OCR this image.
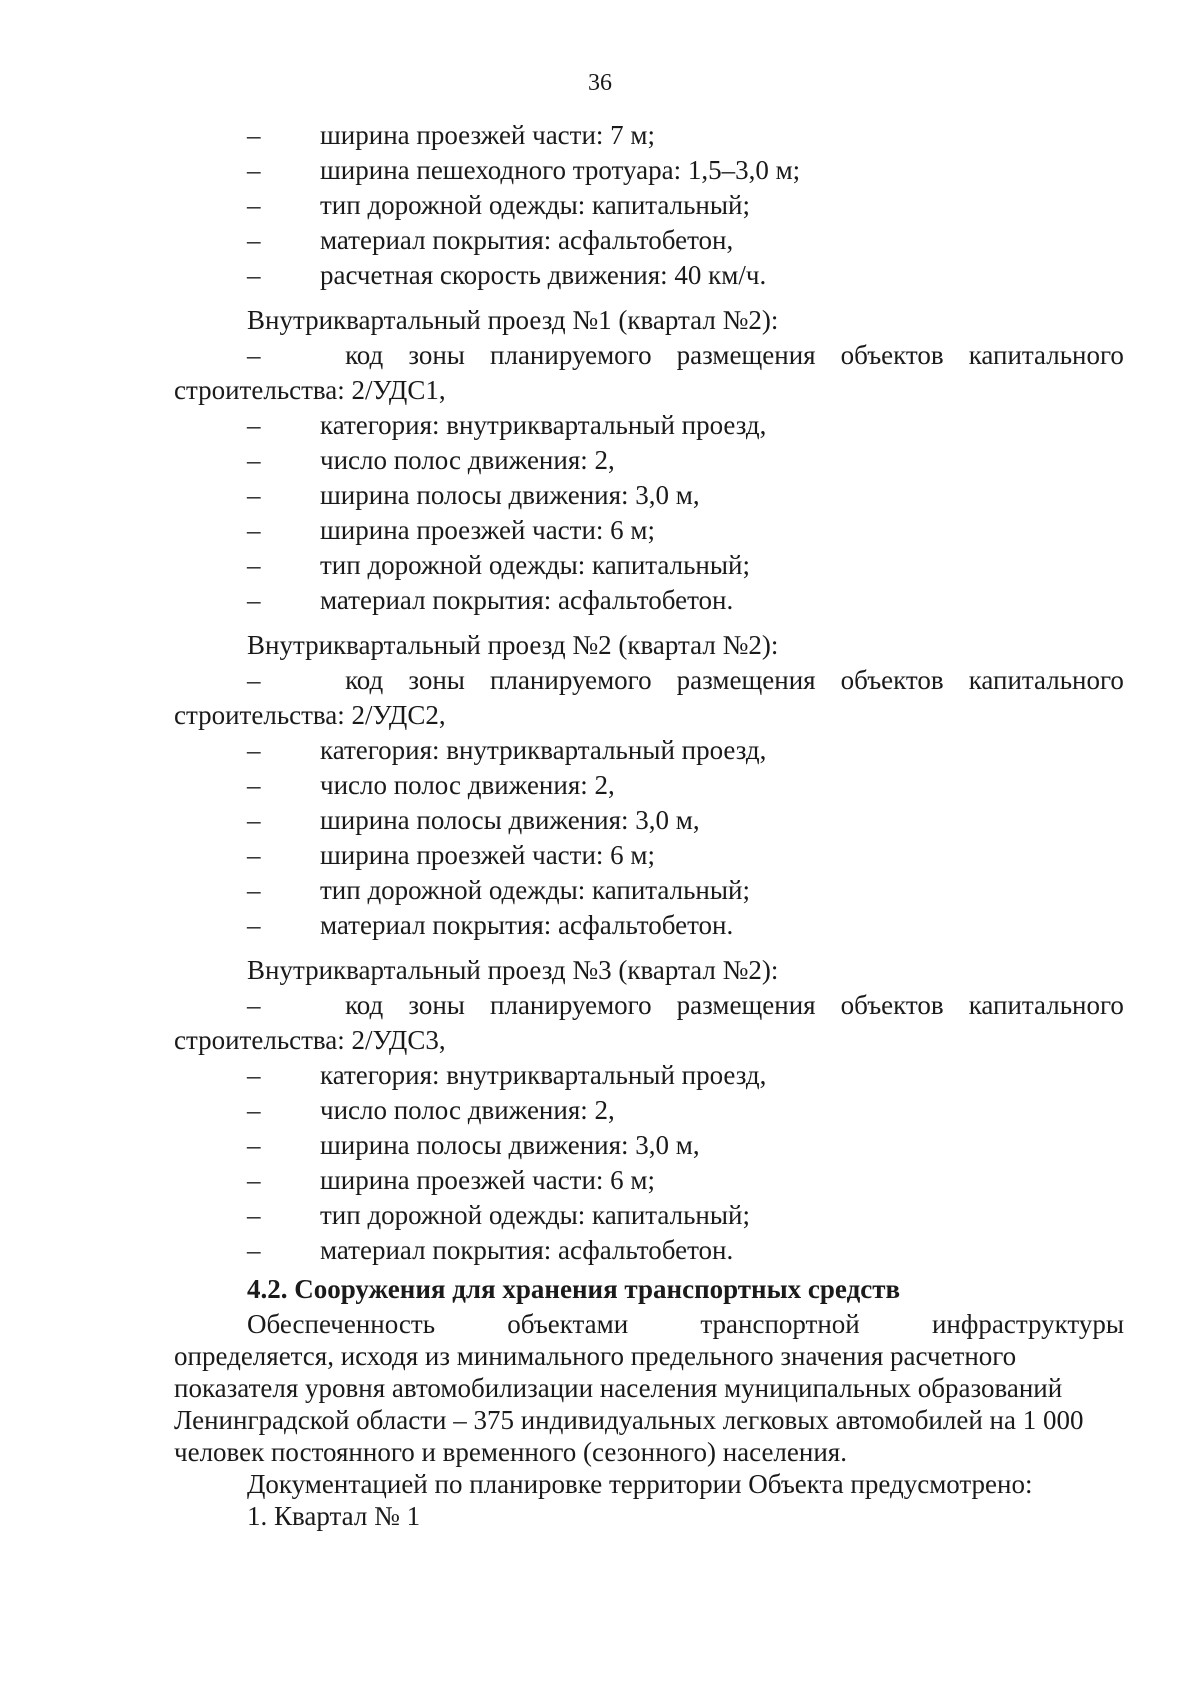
36
– ширина проезжей части: 7 м;
– ширина пешеходного тротуара: 1,5–3,0 м;
– тип дорожной одежды: капитальный;
– материал покрытия: асфальтобетон,
– расчетная скорость движения: 40 км/ч.
Внутриквартальный проезд №1 (квартал №2):
–	код зоны планируемого размещения объектов капитального
строительства: 2/УДС1,
– категория: внутриквартальный проезд,
– число полос движения: 2,
– ширина полосы движения: 3,0 м,
– ширина проезжей части: 6 м;
– тип дорожной одежды: капитальный;
– материал покрытия: асфальтобетон.
Внутриквартальный проезд №2 (квартал №2):
–	код зоны планируемого размещения объектов капитального
строительства: 2/УДС2,
– категория: внутриквартальный проезд,
– число полос движения: 2,
– ширина полосы движения: 3,0 м,
– ширина проезжей части: 6 м;
– тип дорожной одежды: капитальный;
– материал покрытия: асфальтобетон.
Внутриквартальный проезд №3 (квартал №2):
–	код зоны планируемого размещения объектов капитального
строительства: 2/УДС3,
– категория: внутриквартальный проезд,
– число полос движения: 2,
– ширина полосы движения: 3,0 м,
– ширина проезжей части: 6 м;
– тип дорожной одежды: капитальный;
– материал покрытия: асфальтобетон.
4.2. Сооружения для хранения транспортных средств
Обеспеченность	объектами	транспортной	инфраструктуры
определяется, исходя из минимального предельного значения расчетного
показателя уровня автомобилизации населения муниципальных образований
Ленинградской области – 375 индивидуальных легковых автомобилей на 1 000
человек постоянного и временного (сезонного) населения.
Документацией по планировке территории Объекта предусмотрено:
1. Квартал № 1
